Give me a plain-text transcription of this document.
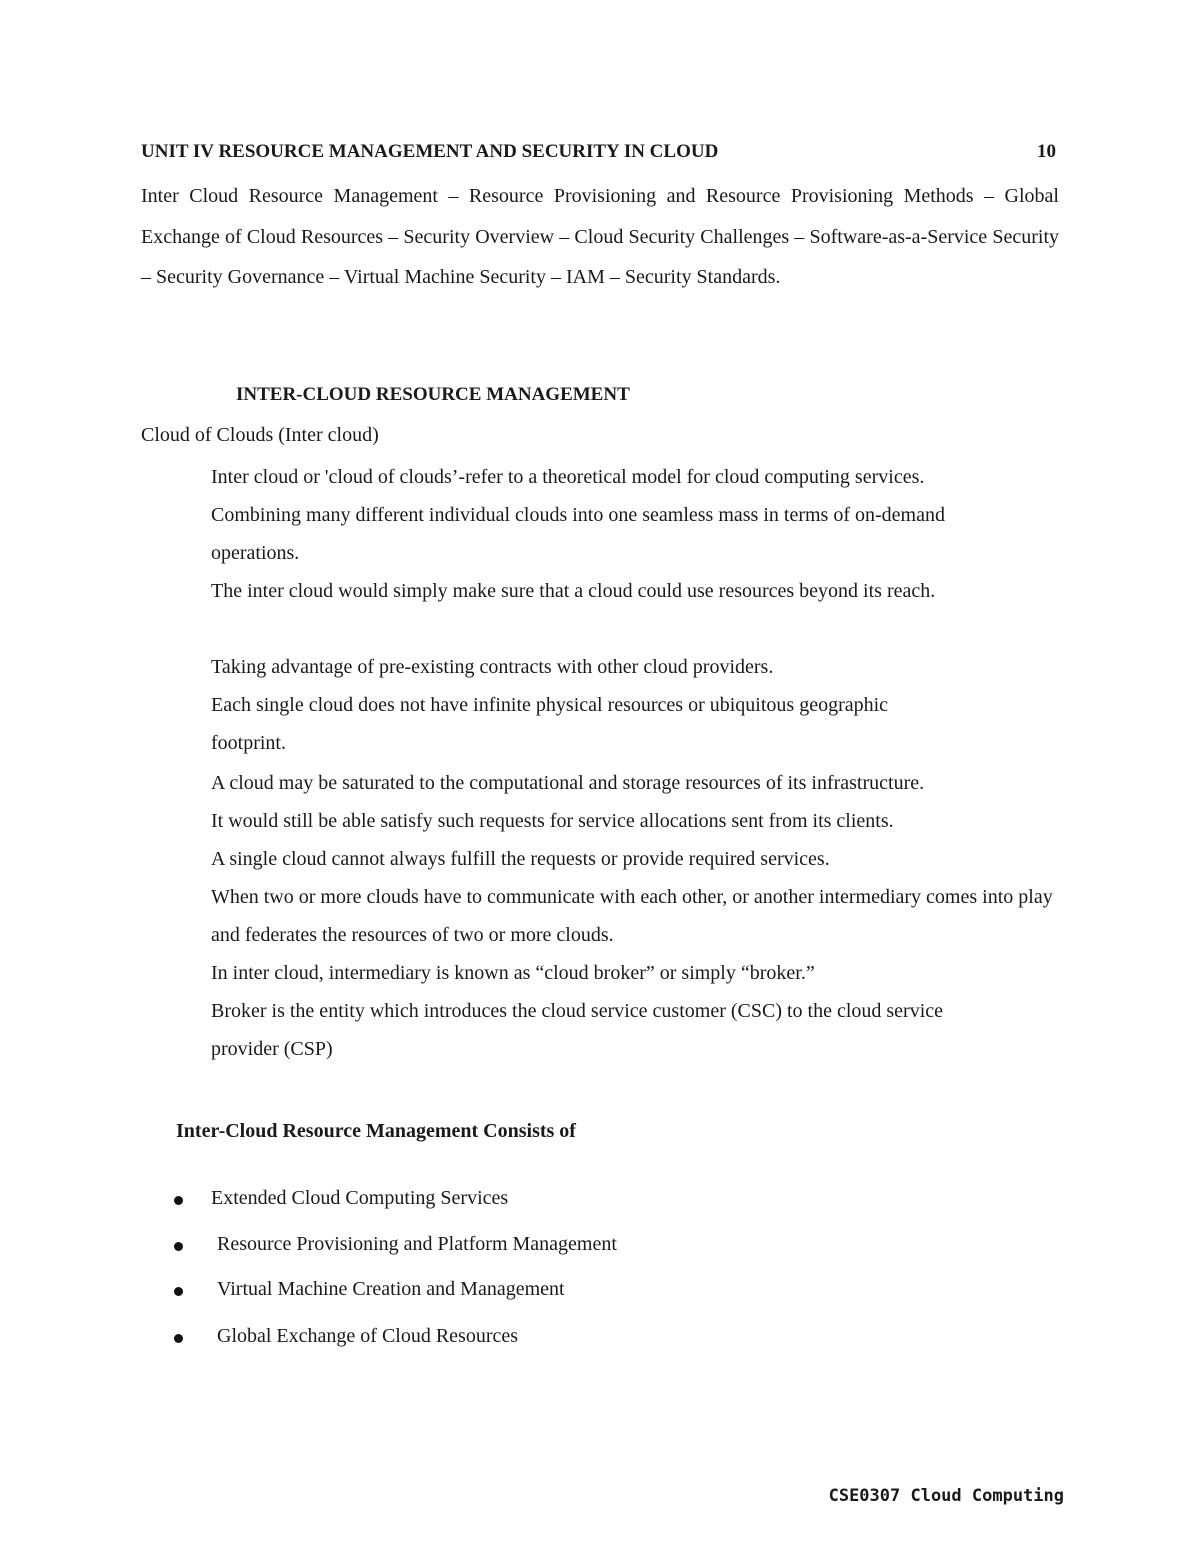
UNIT IV RESOURCE MANAGEMENT AND SECURITY IN CLOUD	10

Inter Cloud Resource Management – Resource Provisioning and Resource Provisioning Methods – Global Exchange of Cloud Resources – Security Overview – Cloud Security Challenges – Software-as-a-Service Security – Security Governance – Virtual Machine Security – IAM – Security Standards.

INTER-CLOUD RESOURCE MANAGEMENT
Cloud of Clouds (Inter cloud)
Inter cloud or 'cloud of clouds’-refer to a theoretical model for cloud computing services.
Combining many different individual clouds into one seamless mass in terms of on-demand operations.
The inter cloud would simply make sure that a cloud could use resources beyond its reach.
Taking advantage of pre-existing contracts with other cloud providers.
Each single cloud does not have infinite physical resources or ubiquitous geographic footprint.
A cloud may be saturated to the computational and storage resources of its infrastructure.
It would still be able satisfy such requests for service allocations sent from its clients.
A single cloud cannot always fulfill the requests or provide required services.
When two or more clouds have to communicate with each other, or another intermediary comes into play and federates the resources of two or more clouds.
In inter cloud, intermediary is known as “cloud broker” or simply “broker.”
Broker is the entity which introduces the cloud service customer (CSC) to the cloud service provider (CSP)
Inter-Cloud Resource Management Consists of
Extended Cloud Computing Services
Resource Provisioning and Platform Management
Virtual Machine Creation and Management
Global Exchange of Cloud Resources
CSE0307 Cloud Computing
